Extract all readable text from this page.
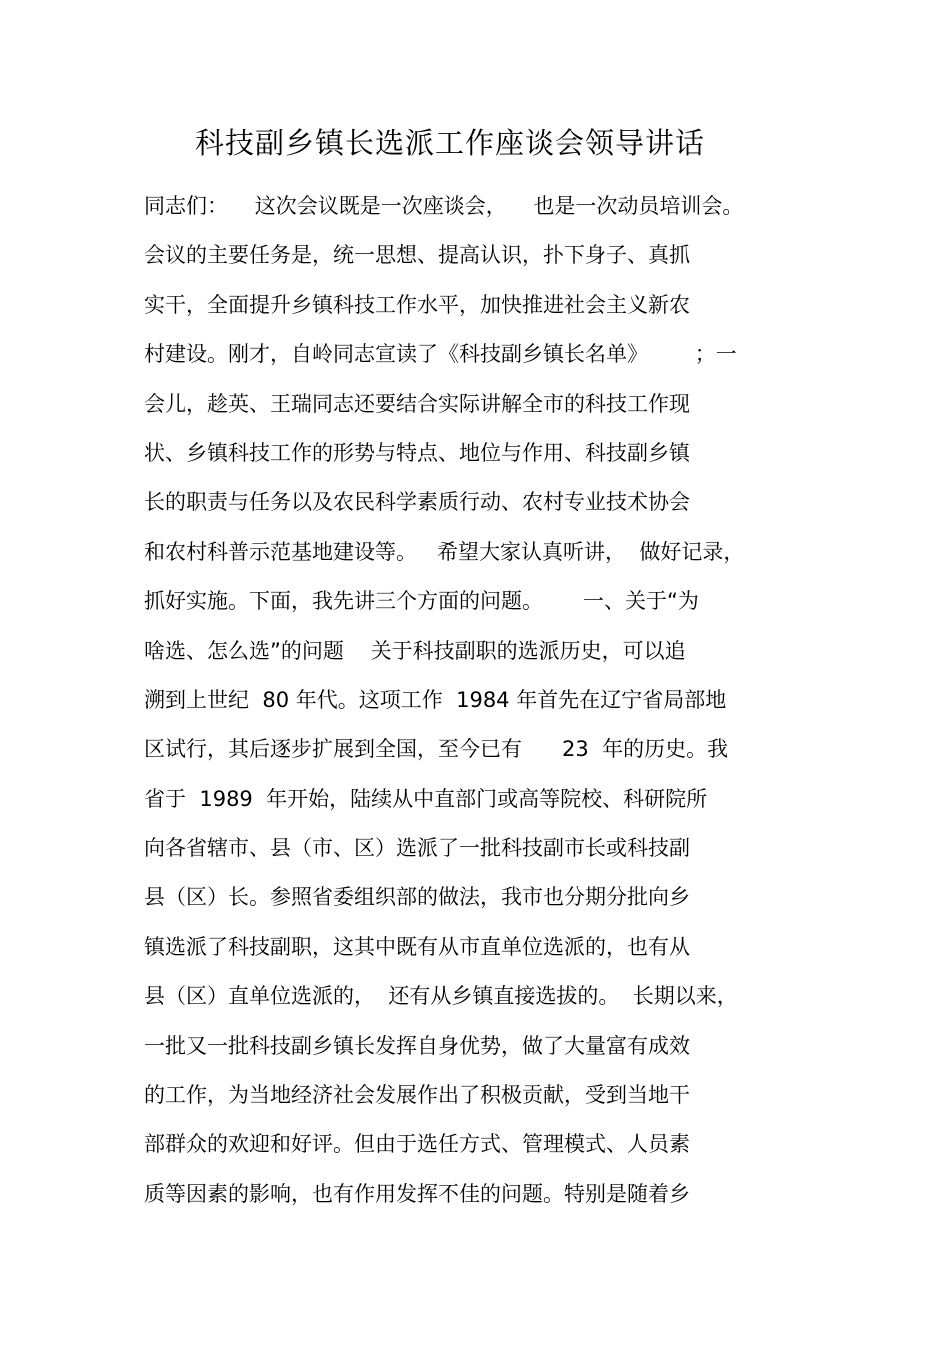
科技副乡镇长选派工作座谈会领导讲话
同志们：    这次会议既是一次座谈会，    也是一次动员培训会。
会议的主要任务是，统一思想、提高认识，扑下身子、真抓
实干，全面提升乡镇科技工作水平，加快推进社会主义新农
村建设。刚才，自岭同志宣读了《科技副乡镇长名单》       ；一
会儿，趁英、王瑞同志还要结合实际讲解全市的科技工作现
状、乡镇科技工作的形势与特点、地位与作用、科技副乡镇
长的职责与任务以及农民科学素质行动、农村专业技术协会
和农村科普示范基地建设等。   希望大家认真听讲，  做好记录，
抓好实施。下面，我先讲三个方面的问题。      一、关于“为
啥选、怎么选”的问题    关于科技副职的选派历史，可以追
溯到上世纪  80 年代。这项工作  1984 年首先在辽宁省局部地
区试行，其后逐步扩展到全国，至今已有      23  年的历史。我
省于  1989  年开始，陆续从中直部门或高等院校、科研院所
向各省辖市、县（市、区）选派了一批科技副市长或科技副
县（区）长。参照省委组织部的做法，我市也分期分批向乡
镇选派了科技副职，这其中既有从市直单位选派的，也有从
县（区）直单位选派的，  还有从乡镇直接选拔的。  长期以来，
一批又一批科技副乡镇长发挥自身优势，做了大量富有成效
的工作，为当地经济社会发展作出了积极贡献，受到当地干
部群众的欢迎和好评。但由于选任方式、管理模式、人员素
质等因素的影响，也有作用发挥不佳的问题。特别是随着乡
